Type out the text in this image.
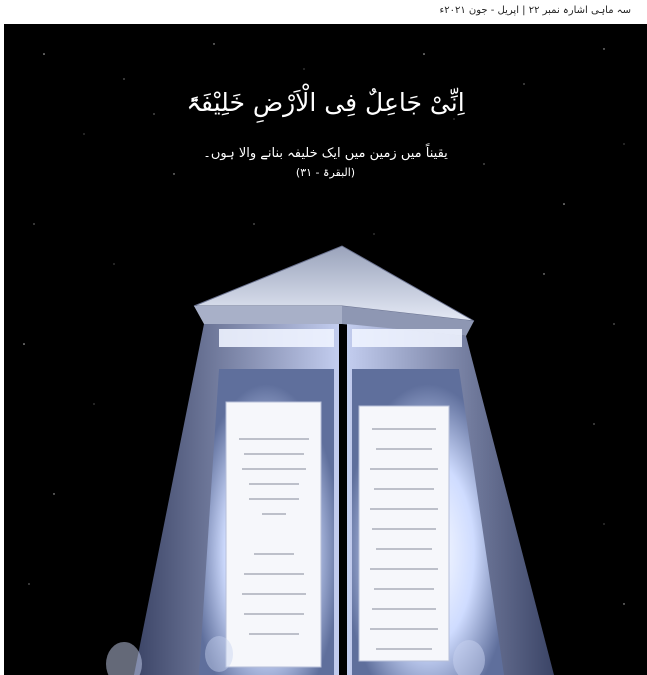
سہ ماہی اشارہ نمبر ۲۲ | اپریل - جون ۲۰۲۱ء
اِنِّیْ جَاعِلٌ فِی الْاَرْضِ خَلِیْفَۃً
یقیناً میں زمین میں ایک خلیفہ بنانے والا ہوں۔
(البقرۃ - ۳۱)
